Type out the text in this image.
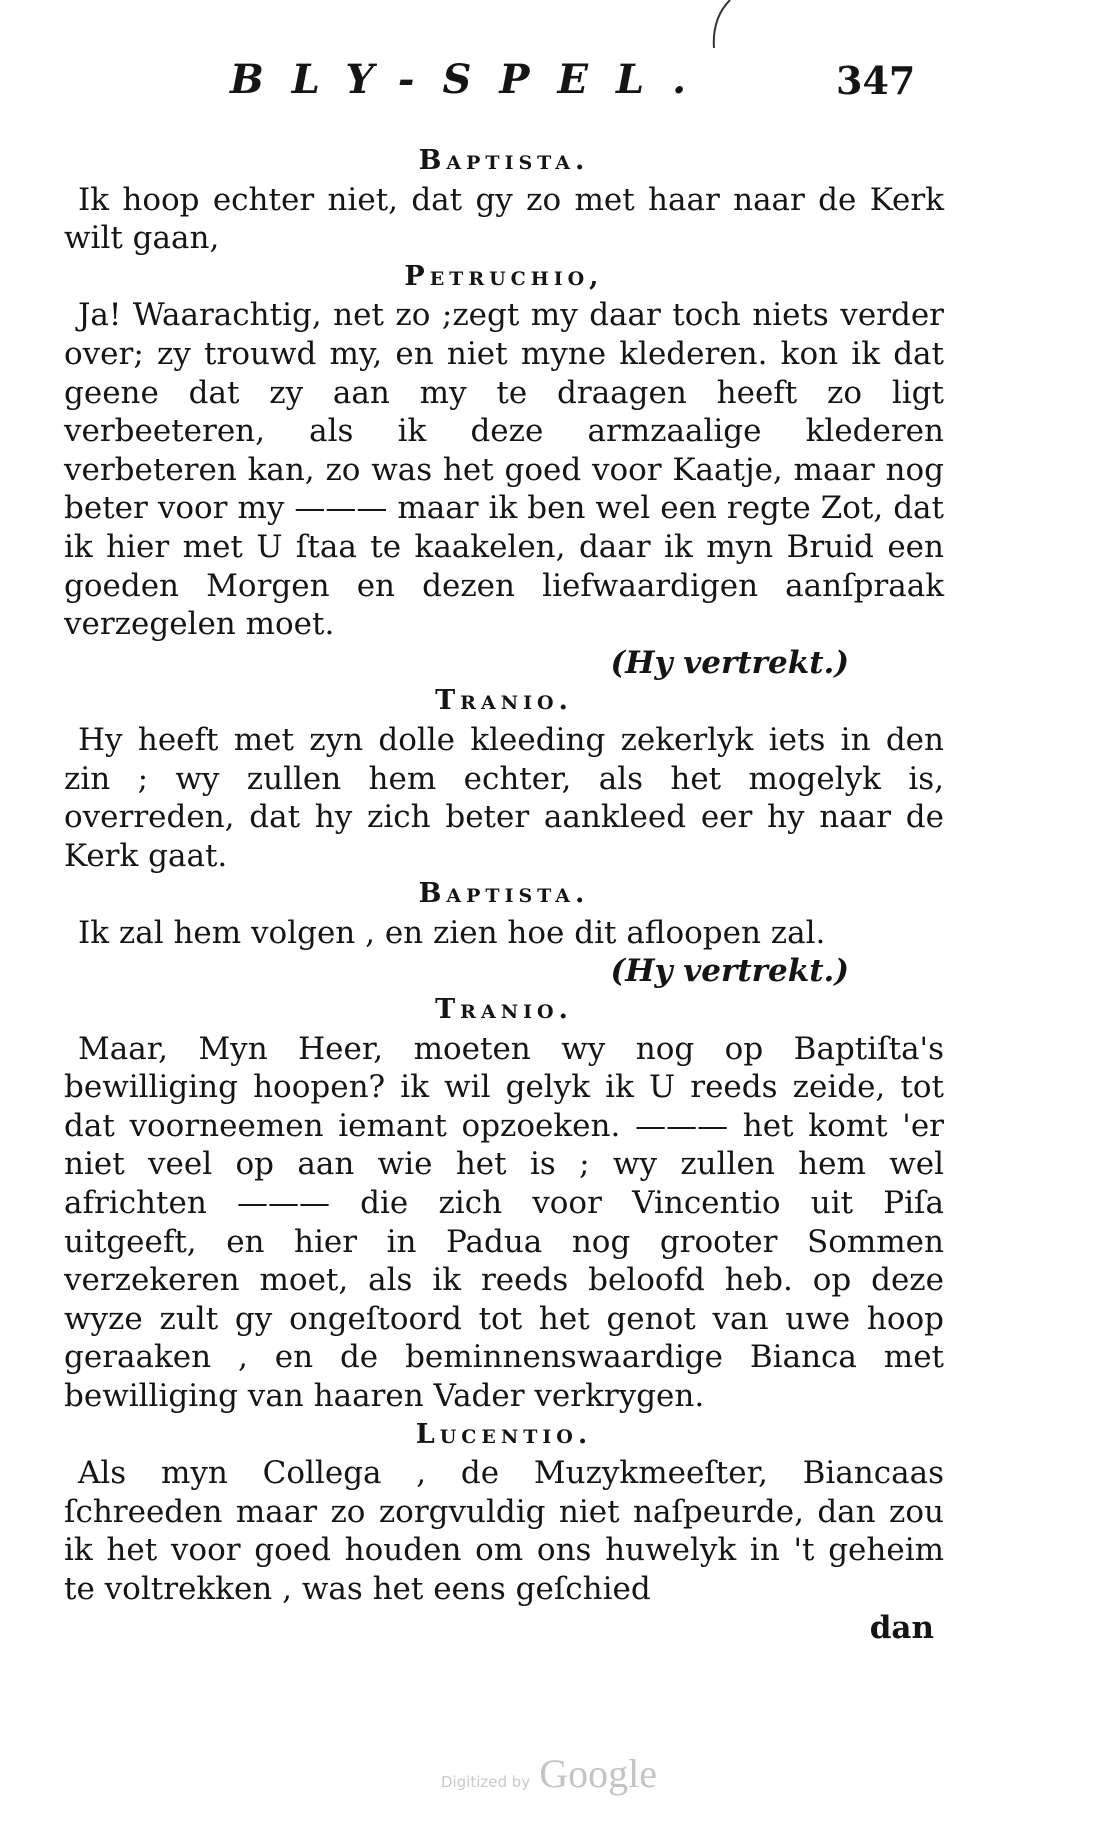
BLY-SPEL.	347

Baptista.

Ik hoop echter niet, dat gy zo met haar naar de Kerk wilt gaan,

Petruchio,

Ja! Waarachtig, net zo ;zegt my daar toch niets verder over; zy trouwd my, en niet myne klederen. kon ik dat geene dat zy aan my te draagen heeft zo ligt verbeeteren, als ik deze armzaalige klederen verbeteren kan, zo was het goed voor Kaatje, maar nog beter voor my ——— maar ik ben wel een regte Zot, dat ik hier met U ſtaa te kaakelen, daar ik myn Bruid een goeden Morgen en dezen liefwaardigen aanſpraak verzegelen moet.

(Hy vertrekt.)

Tranio.

Hy heeft met zyn dolle kleeding zekerlyk iets in den zin ; wy zullen hem echter, als het mogelyk is, overreden, dat hy zich beter aankleed eer hy naar de Kerk gaat.

Baptista.

Ik zal hem volgen , en zien hoe dit afloopen zal.

(Hy vertrekt.)

Tranio.

Maar, Myn Heer, moeten wy nog op Baptiſta's bewilliging hoopen? ik wil gelyk ik U reeds zeide, tot dat voorneemen iemant opzoeken. ——— het komt 'er niet veel op aan wie het is ; wy zullen hem wel africhten ——— die zich voor Vincentio uit Piſa uitgeeft, en hier in Padua nog grooter Sommen verzekeren moet, als ik reeds beloofd heb. op deze wyze zult gy ongeſtoord tot het genot van uwe hoop geraaken , en de beminnenswaardige Bianca met bewilliging van haaren Vader verkrygen.

Lucentio.

Als myn Collega , de Muzykmeeſter, Biancaas ſchreeden maar zo zorgvuldig niet naſpeurde, dan zou ik het voor goed houden om ons huwelyk in 't geheim te voltrekken , was het eens geſchied

dan

Digitized by Google
